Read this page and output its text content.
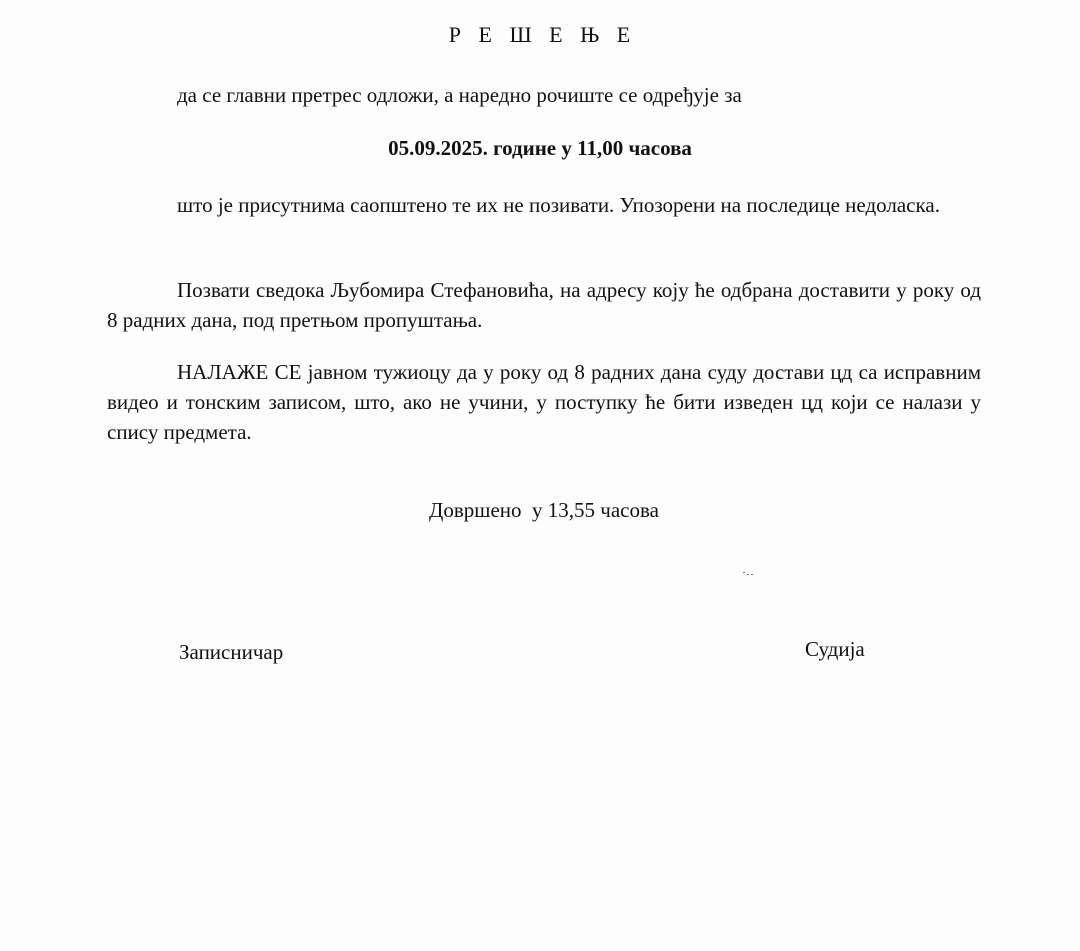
Р Е Ш Е Њ Е
да се главни претрес одложи, а наредно рочиште се одређује за
05.09.2025. године у 11,00 часова
што је присутнима саопштено те их не позивати. Упозорени на последице недоласка.
Позвати сведока Љубомира Стефановића, на адресу коју ће одбрана доставити у року од 8 радних дана, под претњом пропуштања.
НАЛАЖЕ СЕ јавном тужиоцу да у року од 8 радних дана суду достави цд са исправним видео и тонским записом, што, ако не учини, у поступку ће бити изведен цд који се налази у спису предмета.
Довршено  у 13,55 часова
Записничар	Судија
